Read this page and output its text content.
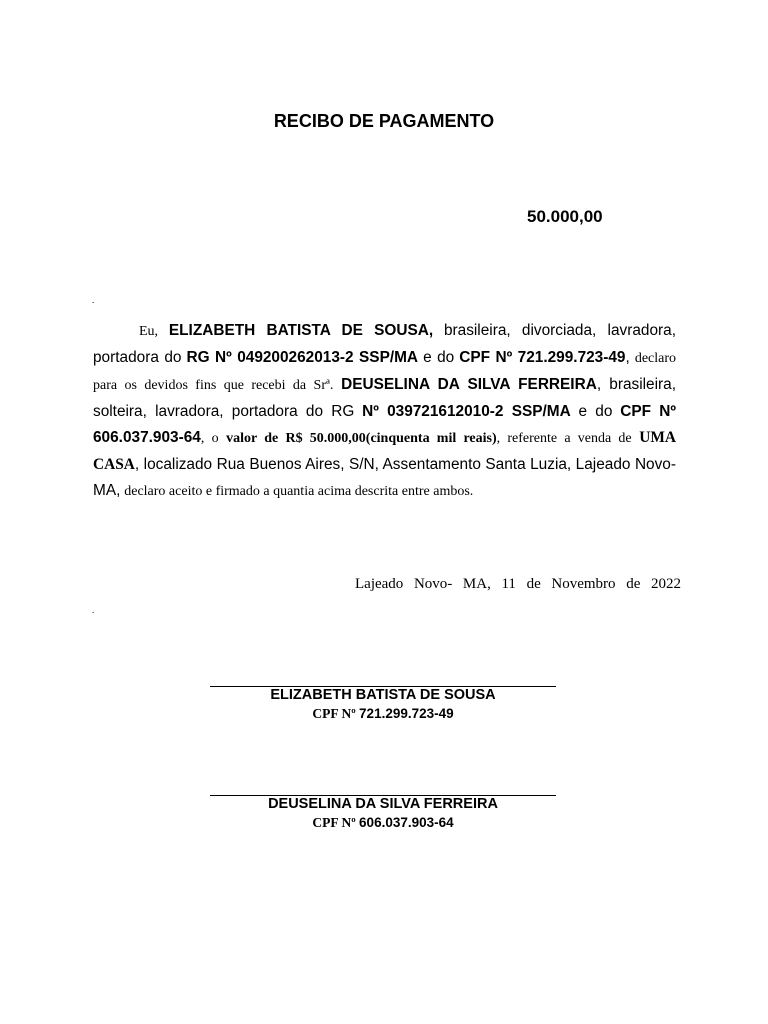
RECIBO DE PAGAMENTO
50.000,00
.
Eu, ELIZABETH BATISTA DE SOUSA, brasileira, divorciada, lavradora, portadora do RG Nº 049200262013-2 SSP/MA e do CPF Nº 721.299.723-49, declaro para os devidos fins que recebi da Srª. DEUSELINA DA SILVA FERREIRA, brasileira, solteira, lavradora, portadora do RG Nº 039721612010-2 SSP/MA e do CPF Nº 606.037.903-64, o valor de R$ 50.000,00(cinquenta mil reais), referente a venda de UMA CASA, localizado Rua Buenos Aires, S/N, Assentamento Santa Luzia, Lajeado Novo-MA, declaro aceito e firmado a quantia acima descrita entre ambos.
Lajeado Novo- MA, 11 de Novembro de 2022
.
ELIZABETH BATISTA DE SOUSA
CPF Nº 721.299.723-49
DEUSELINA DA SILVA FERREIRA
CPF Nº 606.037.903-64
